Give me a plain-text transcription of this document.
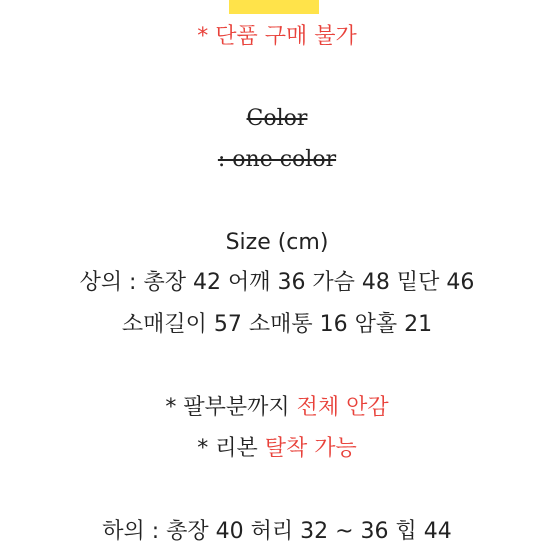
* 단품 구매 불가
Color
: one color
Size (cm)
상의 : 총장 42 어깨 36 가슴 48 밑단 46
소매길이 57 소매통 16 암홀 21
* 팔부분까지 전체 안감
* 리본 탈착 가능
하의 : 총장 40 허리 32 ~ 36 힙 44
